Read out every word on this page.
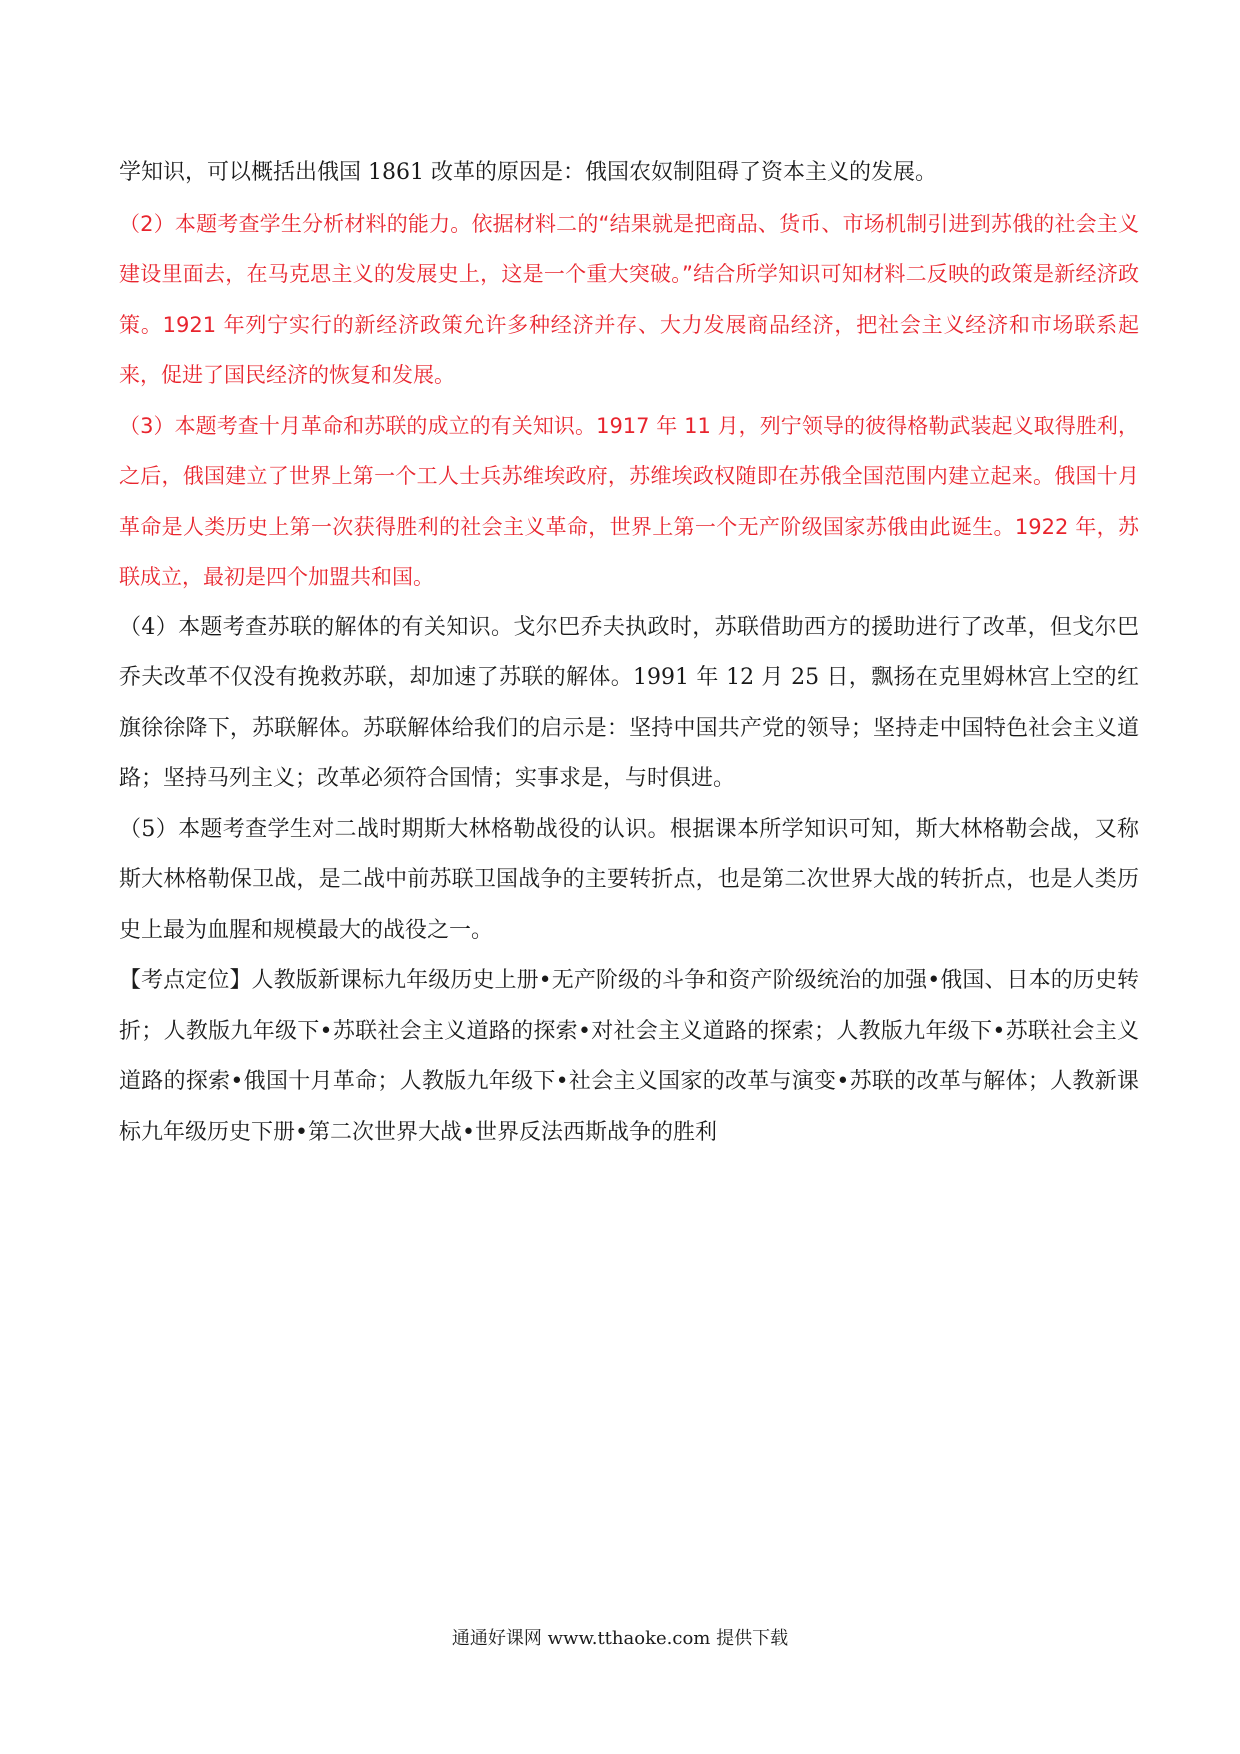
学知识，可以概括出俄国 1861 改革的原因是：俄国农奴制阻碍了资本主义的发展。

（2）本题考查学生分析材料的能力。依据材料二的“结果就是把商品、货币、市场机制引进到苏俄的社会主义建设里面去，在马克思主义的发展史上，这是一个重大突破。”结合所学知识可知材料二反映的政策是新经济政策。1921 年列宁实行的新经济政策允许多种经济并存、大力发展商品经济，把社会主义经济和市场联系起来，促进了国民经济的恢复和发展。

（3）本题考查十月革命和苏联的成立的有关知识。1917 年 11 月，列宁领导的彼得格勒武装起义取得胜利，之后，俄国建立了世界上第一个工人士兵苏维埃政府，苏维埃政权随即在苏俄全国范围内建立起来。俄国十月革命是人类历史上第一次获得胜利的社会主义革命，世界上第一个无产阶级国家苏俄由此诞生。1922 年，苏联成立，最初是四个加盟共和国。

（4）本题考查苏联的解体的有关知识。戈尔巴乔夫执政时，苏联借助西方的援助进行了改革，但戈尔巴乔夫改革不仅没有挽救苏联，却加速了苏联的解体。1991 年 12 月 25 日，飘扬在克里姆林宫上空的红旗徐徐降下，苏联解体。苏联解体给我们的启示是：坚持中国共产党的领导；坚持走中国特色社会主义道路；坚持马列主义；改革必须符合国情；实事求是，与时俱进。

（5）本题考查学生对二战时期斯大林格勒战役的认识。根据课本所学知识可知，斯大林格勒会战，又称斯大林格勒保卫战，是二战中前苏联卫国战争的主要转折点，也是第二次世界大战的转折点，也是人类历史上最为血腥和规模最大的战役之一。

【考点定位】人教版新课标九年级历史上册•无产阶级的斗争和资产阶级统治的加强•俄国、日本的历史转折；人教版九年级下•苏联社会主义道路的探索•对社会主义道路的探索；人教版九年级下•苏联社会主义道路的探索•俄国十月革命；人教版九年级下•社会主义国家的改革与演变•苏联的改革与解体；人教新课标九年级历史下册•第二次世界大战•世界反法西斯战争的胜利

通通好课网 www.tthaoke.com 提供下载
